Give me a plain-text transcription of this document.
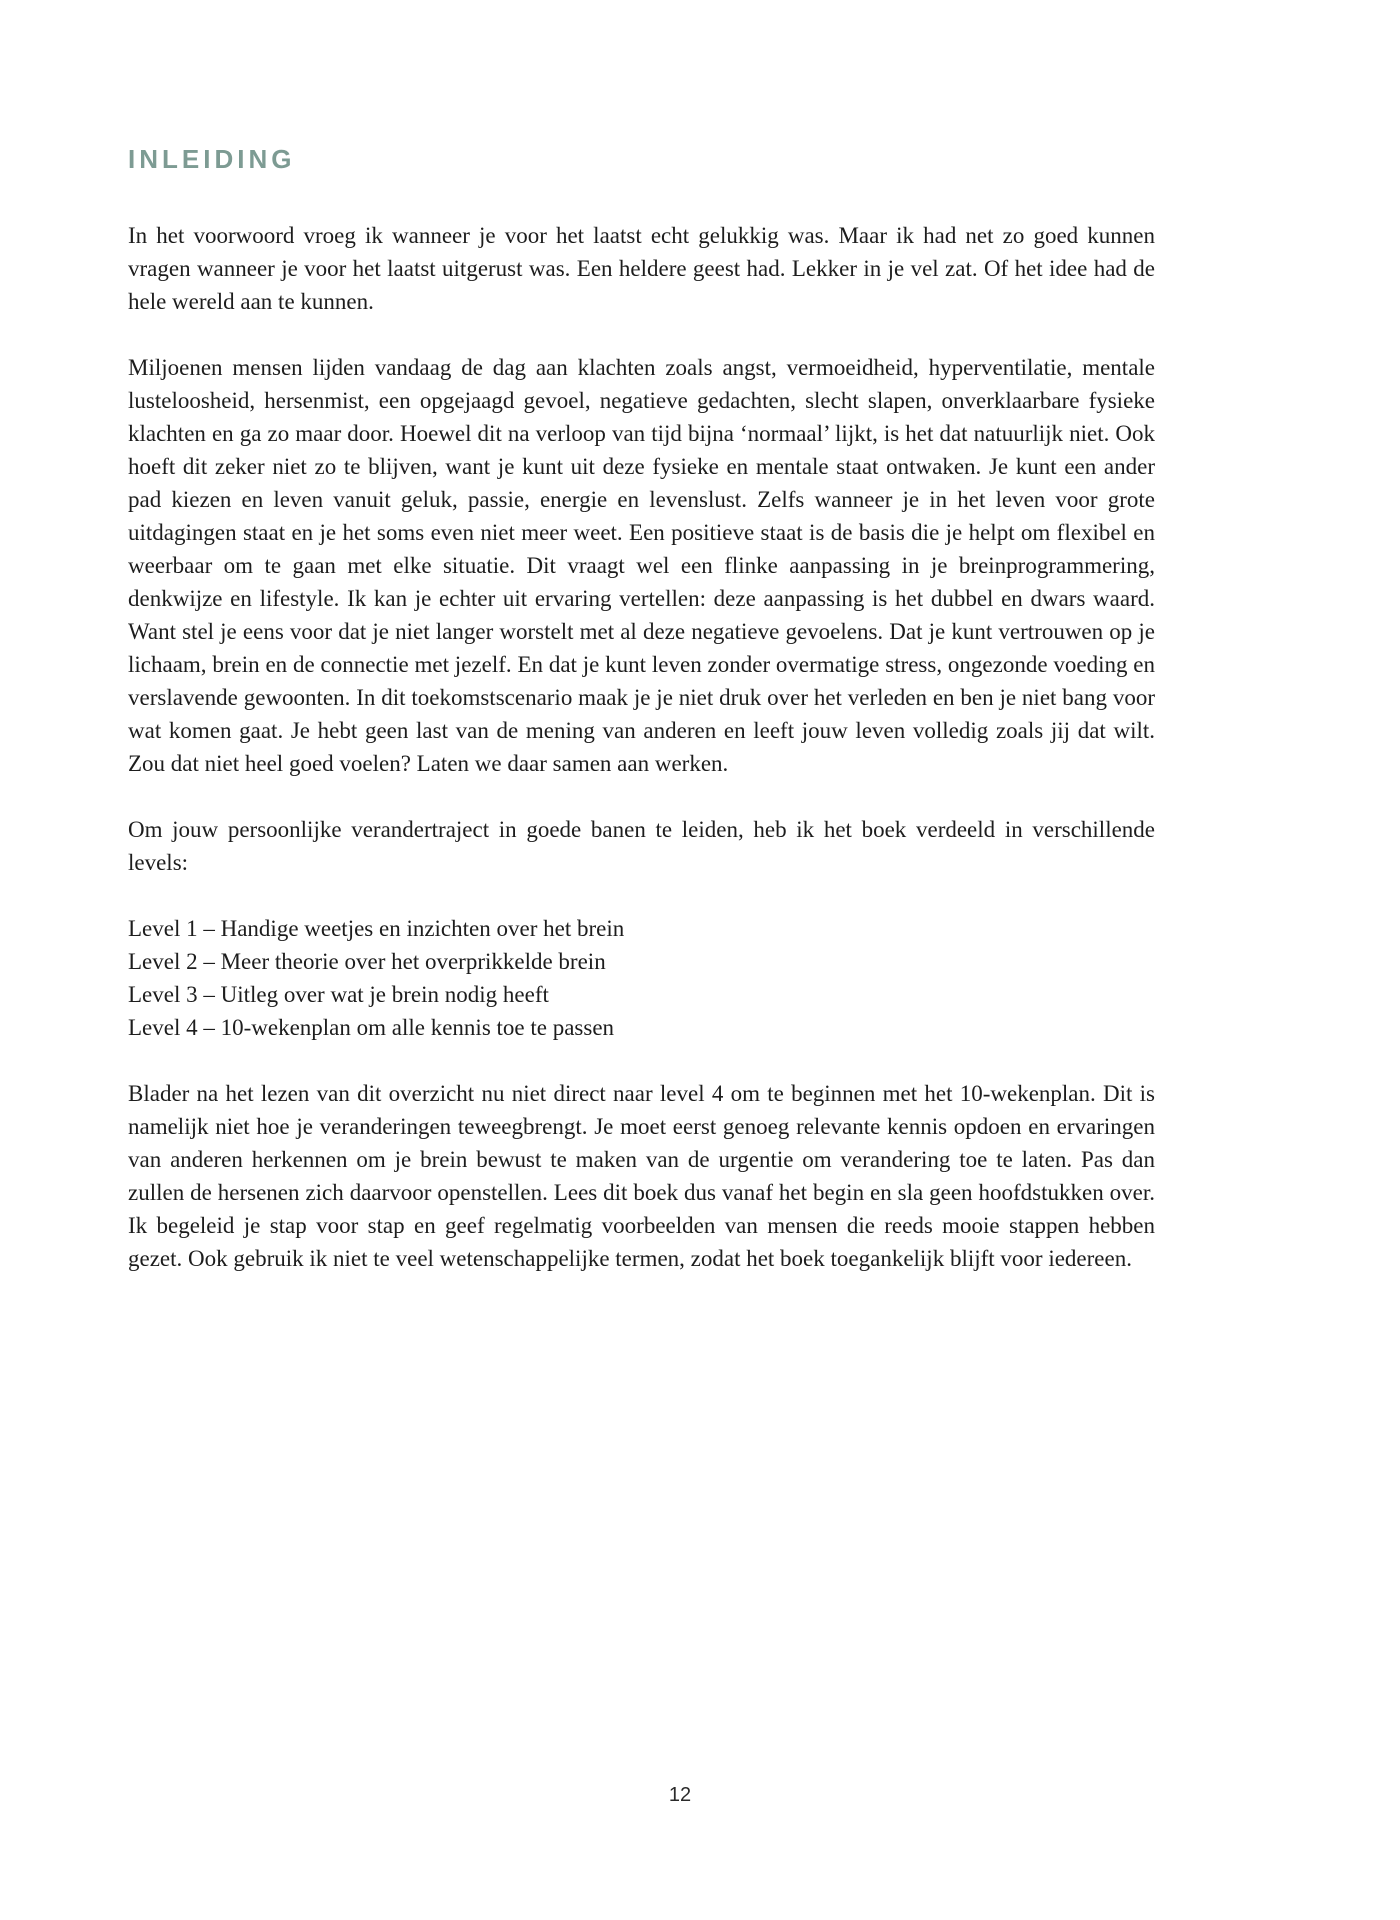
INLEIDING

In het voorwoord vroeg ik wanneer je voor het laatst echt gelukkig was. Maar ik had net zo goed kunnen vragen wanneer je voor het laatst uitgerust was. Een heldere geest had. Lekker in je vel zat. Of het idee had de hele wereld aan te kunnen.

Miljoenen mensen lijden vandaag de dag aan klachten zoals angst, vermoeidheid, hyperventilatie, mentale lusteloosheid, hersenmist, een opgejaagd gevoel, negatieve gedachten, slecht slapen, onverklaarbare fysieke klachten en ga zo maar door. Hoewel dit na verloop van tijd bijna ‘normaal’ lijkt, is het dat natuurlijk niet. Ook hoeft dit zeker niet zo te blijven, want je kunt uit deze fysieke en mentale staat ontwaken. Je kunt een ander pad kiezen en leven vanuit geluk, passie, energie en levenslust. Zelfs wanneer je in het leven voor grote uitdagingen staat en je het soms even niet meer weet. Een positieve staat is de basis die je helpt om flexibel en weerbaar om te gaan met elke situatie. Dit vraagt wel een flinke aanpassing in je breinprogrammering, denkwijze en lifestyle. Ik kan je echter uit ervaring vertellen: deze aanpassing is het dubbel en dwars waard. Want stel je eens voor dat je niet langer worstelt met al deze negatieve gevoelens. Dat je kunt vertrouwen op je lichaam, brein en de connectie met jezelf. En dat je kunt leven zonder overmatige stress, ongezonde voeding en verslavende gewoonten. In dit toekomstscenario maak je je niet druk over het verleden en ben je niet bang voor wat komen gaat. Je hebt geen last van de mening van anderen en leeft jouw leven volledig zoals jij dat wilt. Zou dat niet heel goed voelen? Laten we daar samen aan werken.

Om jouw persoonlijke verandertraject in goede banen te leiden, heb ik het boek verdeeld in verschillende levels:

Level 1 – Handige weetjes en inzichten over het brein
Level 2 – Meer theorie over het overprikkelde brein
Level 3 – Uitleg over wat je brein nodig heeft
Level 4 – 10-wekenplan om alle kennis toe te passen

Blader na het lezen van dit overzicht nu niet direct naar level 4 om te beginnen met het 10-wekenplan. Dit is namelijk niet hoe je veranderingen teweegbrengt. Je moet eerst genoeg relevante kennis opdoen en ervaringen van anderen herkennen om je brein bewust te maken van de urgentie om verandering toe te laten. Pas dan zullen de hersenen zich daarvoor openstellen. Lees dit boek dus vanaf het begin en sla geen hoofdstukken over. Ik begeleid je stap voor stap en geef regelmatig voorbeelden van mensen die reeds mooie stappen hebben gezet. Ook gebruik ik niet te veel wetenschappelijke termen, zodat het boek toegankelijk blijft voor iedereen.

12
